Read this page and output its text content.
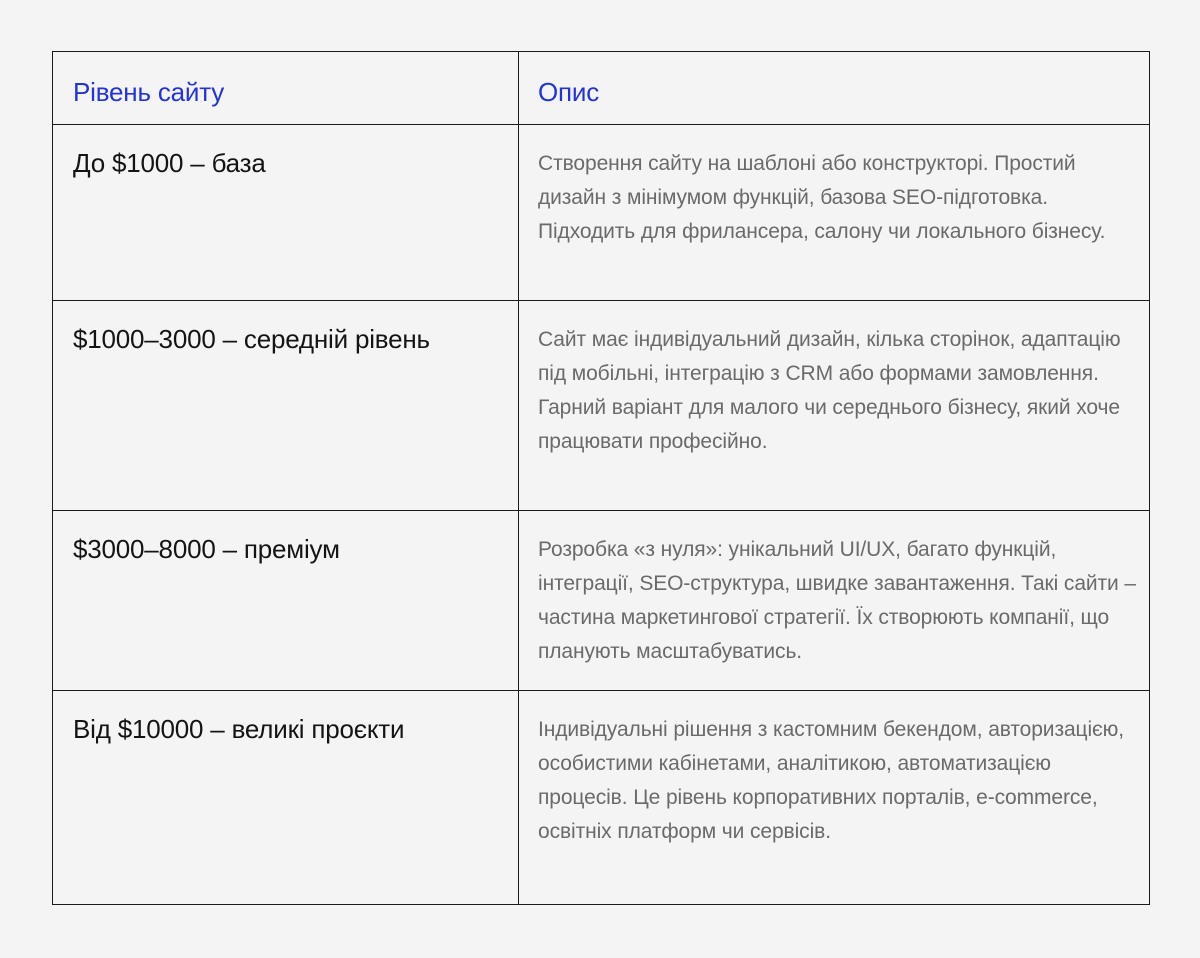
Рівень сайту	Опис
До $1000 – база	Створення сайту на шаблоні або конструкторі. Простий дизайн з мінімумом функцій, базова SEO-підготовка. Підходить для фрилансера, салону чи локального бізнесу.
$1000–3000 – середній рівень	Сайт має індивідуальний дизайн, кілька сторінок, адаптацію під мобільні, інтеграцію з CRM або формами замовлення. Гарний варіант для малого чи середнього бізнесу, який хоче працювати професійно.
$3000–8000 – преміум	Розробка «з нуля»: унікальний UI/UX, багато функцій, інтеграції, SEO-структура, швидке завантаження. Такі сайти – частина маркетингової стратегії. Їх створюють компанії, що планують масштабуватись.
Від $10000 – великі проєкти	Індивідуальні рішення з кастомним бекендом, авторизацією, особистими кабінетами, аналітикою, автоматизацією процесів. Це рівень корпоративних порталів, e-commerce, освітніх платформ чи сервісів.
